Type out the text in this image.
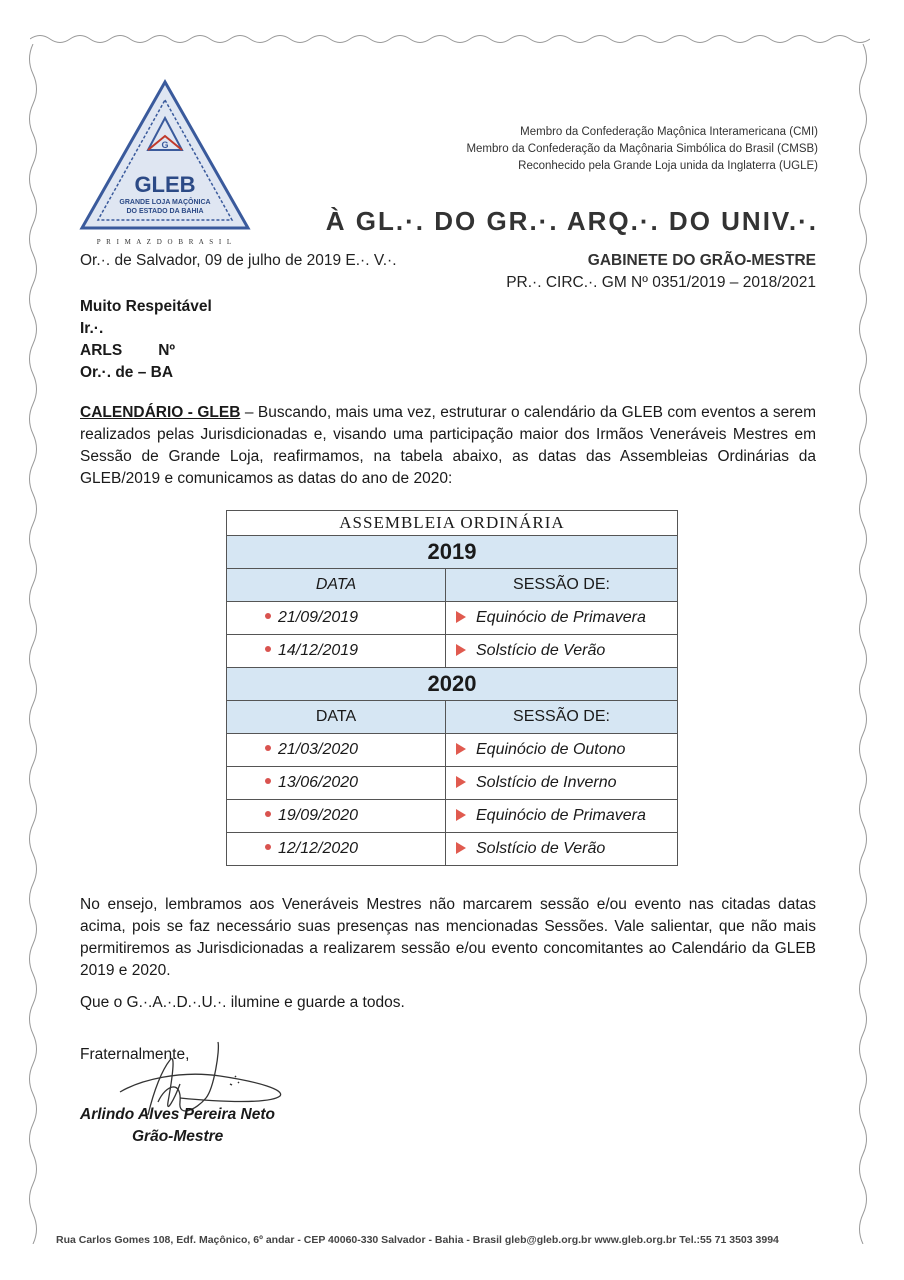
G
GLEB
GRANDE LOJA MAÇÔNICA
DO ESTADO DA BAHIA
P R I M A Z D O B R A S I L
Membro da Confederação Maçônica Interamericana (CMI)
Membro da Confederação da Maçônaria Simbólica do Brasil (CMSB)
Reconhecido pela Grande Loja unida da Inglaterra (UGLE)
À GL.·. DO GR.·. ARQ.·. DO UNIV.·.
Or.·. de Salvador, 09 de julho de 2019 E.·. V.·.	GABINETE DO GRÃO-MESTRE
PR.·. CIRC.·. GM Nº 0351/2019 – 2018/2021
Muito Respeitável
Ir.·.
ARLS Nº
Or.·. de – BA
CALENDÁRIO - GLEB – Buscando, mais uma vez, estruturar o calendário da GLEB com eventos a serem realizados pelas Jurisdicionadas e, visando uma participação maior dos Irmãos Veneráveis Mestres em Sessão de Grande Loja, reafirmamos, na tabela abaixo, as datas das Assembleias Ordinárias da GLEB/2019 e comunicamos as datas do ano de 2020:
ASSEMBLEIA ORDINÁRIA	
2019	
DATA	SESSÃO DE:
21/09/2019	Equinócio de Primavera
14/12/2019	Solstício de Verão
2020	
DATA	SESSÃO DE:
21/03/2020	Equinócio de Outono
13/06/2020	Solstício de Inverno
19/09/2020	Equinócio de Primavera
12/12/2020	Solstício de Verão
No ensejo, lembramos aos Veneráveis Mestres não marcarem sessão e/ou evento nas citadas datas acima, pois se faz necessário suas presenças nas mencionadas Sessões. Vale salientar, que não mais permitiremos as Jurisdicionadas a realizarem sessão e/ou evento concomitantes ao Calendário da GLEB 2019 e 2020.
Que o G.·.A.·.D.·.U.·. ilumine e guarde a todos.
Fraternalmente,
Arlindo Alves Pereira Neto
Grão-Mestre
Rua Carlos Gomes 108, Edf. Maçônico, 6º andar - CEP 40060-330 Salvador - Bahia - Brasil gleb@gleb.org.br www.gleb.org.br Tel.:55 71 3503 3994
